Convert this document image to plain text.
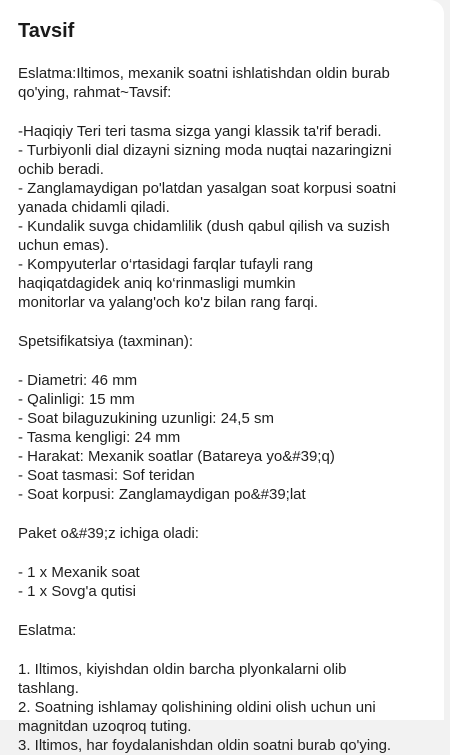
Tavsif
Eslatma:Iltimos, mexanik soatni ishlatishdan oldin burab
qo'ying, rahmat~Tavsif:
-Haqiqiy Teri teri tasma sizga yangi klassik ta'rif beradi.
- Turbiyonli dial dizayni sizning moda nuqtai nazaringizni
ochib beradi.
- Zanglamaydigan po'latdan yasalgan soat korpusi soatni
yanada chidamli qiladi.
- Kundalik suvga chidamlilik (dush qabul qilish va suzish
uchun emas).
- Kompyuterlar o‘rtasidagi farqlar tufayli rang
haqiqatdagidek aniq ko‘rinmasligi mumkin
monitorlar va yalang'och ko'z bilan rang farqi.
Spetsifikatsiya (taxminan):
- Diametri: 46 mm
- Qalinligi: 15 mm
- Soat bilaguzukining uzunligi: 24,5 sm
- Tasma kengligi: 24 mm
- Harakat: Mexanik soatlar (Batareya yo&#39;q)
- Soat tasmasi: Sof teridan
- Soat korpusi: Zanglamaydigan po&#39;lat
Paket o&#39;z ichiga oladi:
- 1 x Mexanik soat
- 1 x Sovg'a qutisi
Eslatma:
1. Iltimos, kiyishdan oldin barcha plyonkalarni olib
tashlang.
2. Soatning ishlamay qolishining oldini olish uchun uni
magnitdan uzoqroq tuting.
3. Iltimos, har foydalanishdan oldin soatni burab qo'ying.
